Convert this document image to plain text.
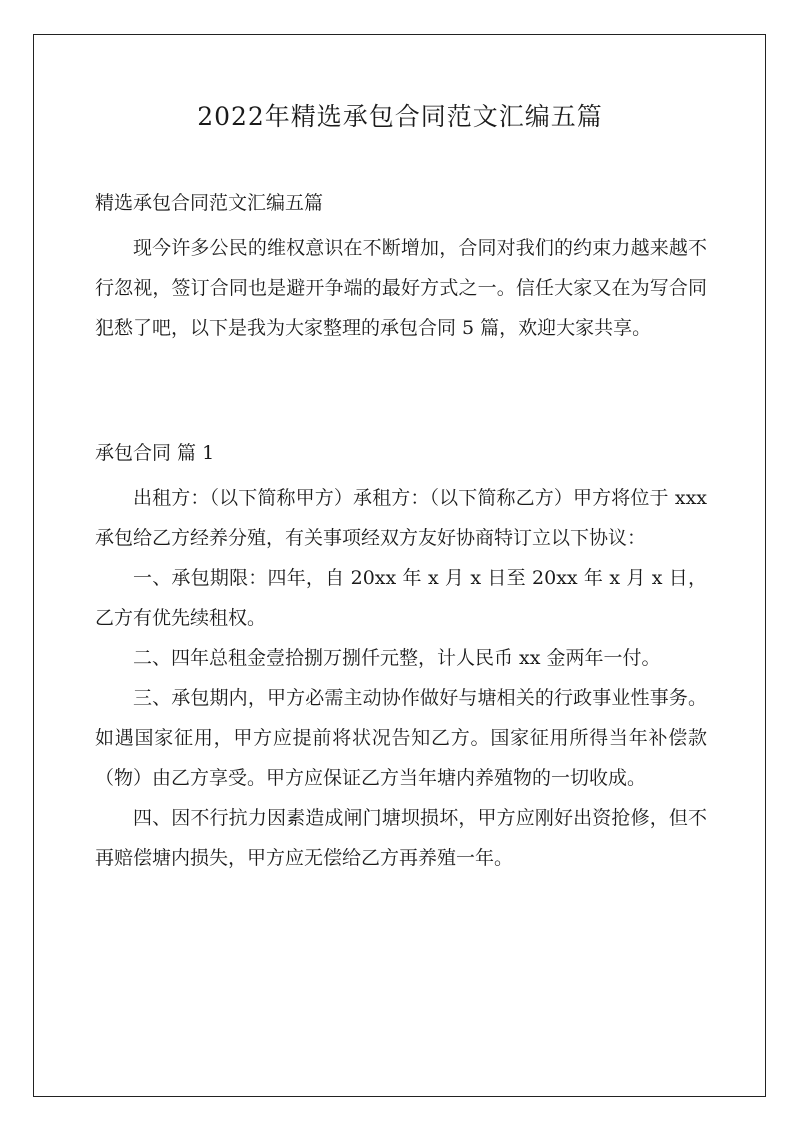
2022年精选承包合同范文汇编五篇
精选承包合同范文汇编五篇

现今许多公民的维权意识在不断增加，合同对我们的约束力越来越不行忽视，签订合同也是避开争端的最好方式之一。信任大家又在为写合同犯愁了吧，以下是我为大家整理的承包合同 5 篇，欢迎大家共享。

承包合同 篇 1

出租方：（以下简称甲方）承租方：（以下简称乙方）甲方将位于 xxx 承包给乙方经养分殖，有关事项经双方友好协商特订立以下协议：

一、承包期限：四年，自 20xx 年 x 月 x 日至 20xx 年 x 月 x 日，乙方有优先续租权。

二、四年总租金壹拾捌万捌仟元整，计人民币 xx 金两年一付。

三、承包期内，甲方必需主动协作做好与塘相关的行政事业性事务。如遇国家征用，甲方应提前将状况告知乙方。国家征用所得当年补偿款（物）由乙方享受。甲方应保证乙方当年塘内养殖物的一切收成。

四、因不行抗力因素造成闸门塘坝损坏，甲方应刚好出资抢修，但不再赔偿塘内损失，甲方应无偿给乙方再养殖一年。
